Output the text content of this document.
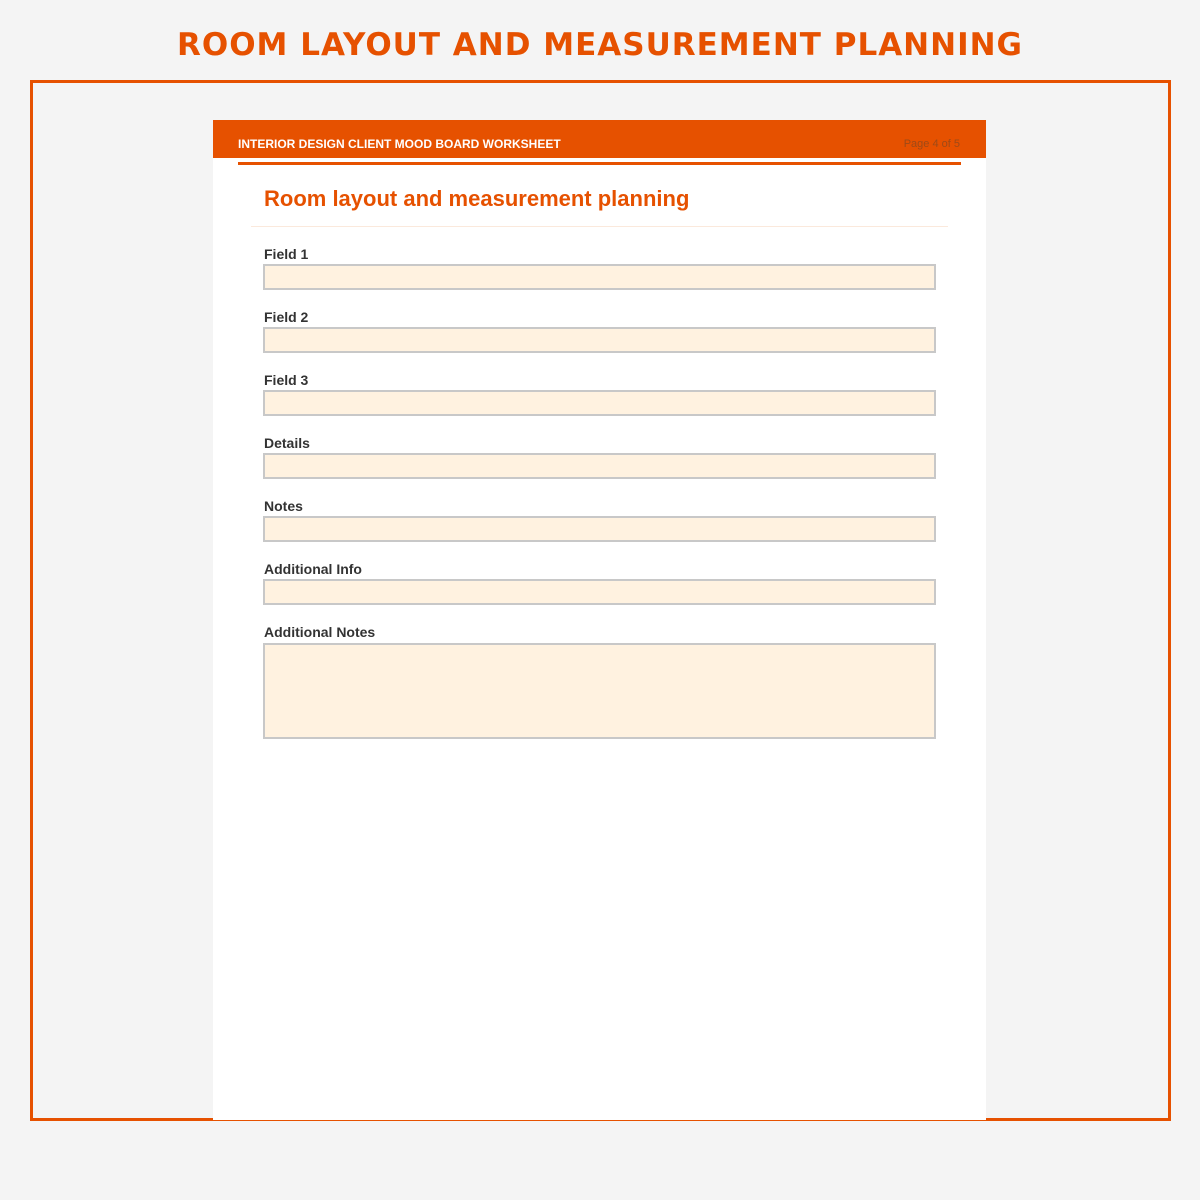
ROOM LAYOUT AND MEASUREMENT PLANNING
INTERIOR DESIGN CLIENT MOOD BOARD WORKSHEET	Page 4 of 5
Room layout and measurement planning
Field 1
Field 2
Field 3
Details
Notes
Additional Info
Additional Notes
